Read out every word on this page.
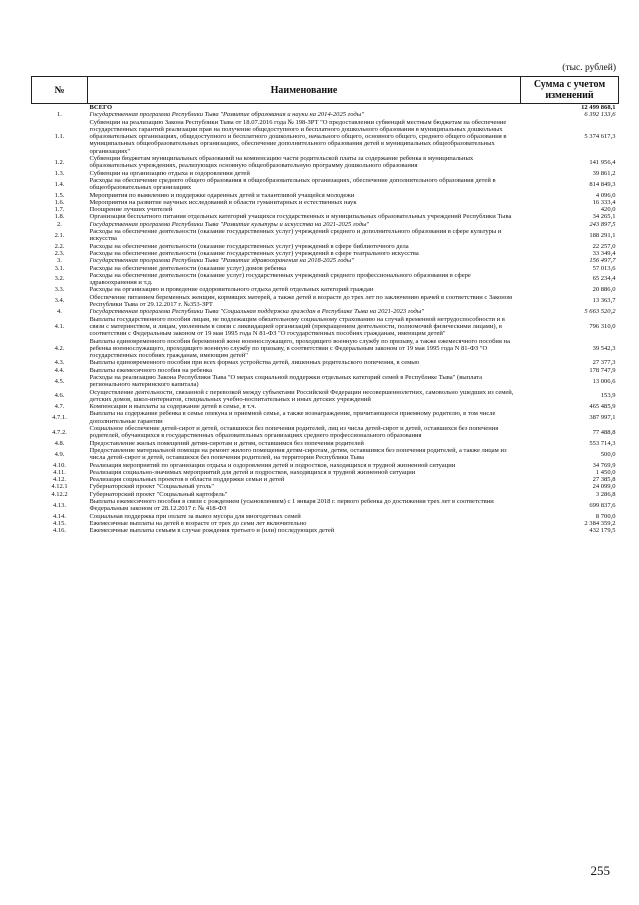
(тыс. рублей)
№	Наименование	Сумма с учетом изменений
	ВСЕГО	12 499 868,1
1.	Государственная программа Республики Тыва "Развитие образования и науки на 2014-2025 годы"	6 392 133,6
1.1.	Субвенции на реализацию Закона Республики Тыва от 18.07.2016 года № 198-ЗРТ "О предоставлении субвенций местным бюджетам на обеспечение государственных гарантий реализации прав на получение общедоступного и бесплатного дошкольного образования в муниципальных дошкольных образовательных организациях, общедоступного и бесплатного дошкольного, начального общего, основного общего, среднего общего образования в муниципальных общеобразовательных организациях, обеспечение дополнительного образования детей в муниципальных общеобразовательных организациях"	5 374 617,3
1.2.	Субвенции бюджетам муниципальных образований на компенсацию части родительской платы за содержание ребенка в муниципальных образовательных учреждениях, реализующих основную общеобразовательную программу дошкольного образования	141 956,4
1.3.	Субвенции на организацию отдыха и оздоровления детей	39 861,2
1.4.	Расходы на обеспечение среднего общего образования в общеобразовательных организациях, обеспечение дополнительного образования детей в общеобразовательных организациях	814 849,3
1.5.	Мероприятия по выявлению и поддержке одаренных детей и талантливой учащейся молодежи	4 096,0
1.6.	Мероприятия на развитие научных исследований в области гуманитарных и естественных наук	16 333,4
1.7.	Поощрение лучших учителей	420,0
1.8.	Организация бесплатного питания отдельных категорий учащихся государственных и муниципальных образовательных учреждений Республики Тыва	34 265,1
2.	Государственная программа Республики Тыва "Развитие культуры и искусства на 2021-2025 годы"	243 897,5
2.1.	Расходы на обеспечение деятельности (оказание государственных услуг) учреждений среднего и дополнительного образования в сфере культуры и искусства	188 291,1
2.2.	Расходы на обеспечение деятельности (оказание государственных услуг) учреждений в сфере библиотечного дела	22 257,0
2.3.	Расходы на обеспечение деятельности (оказание государственных услуг) учреждений в сфере театрального искусства	33 349,4
3.	Государственная программа Республики Тыва "Развитие здравоохранения на 2018-2025 годы"	156 497,7
3.1.	Расходы на обеспечение деятельности (оказание услуг) домов ребенка	57 013,6
3.2.	Расходы на обеспечение деятельности (оказание услуг) государственных учреждений среднего профессионального образования в сфере здравоохранения и т.д.	65 234,4
3.3.	Расходы на организацию и проведение оздоровительного отдыха детей отдельных категорий граждан	20 886,0
3.4.	Обеспечение питанием беременных женщин, кормящих матерей, а также детей в возрасте до трех лет по заключению врачей в соответствии с Законом Республики Тыва от 29.12.2017 г. №353-ЗРТ	13 363,7
4.	Государственная программа Республики Тыва "Социальная поддержка граждан в Республике Тыва на 2021-2023 годы"	5 663 520,2
4.1.	Выплаты государственного пособия лицам, не подлежащим обязательному социальному страхованию на случай временной нетрудоспособности и в связи с материнством, и лицам, уволенным в связи с ликвидацией организаций (прекращением деятельности, полномочий физическими лицами), в соответствии с Федеральным законом от 19 мая 1995 года N 81-ФЗ "О государственных пособиях гражданам, имеющим детей"	796 310,0
4.2.	Выплаты единовременного пособия беременной жене военнослужащего, проходящего военную службу по призыву, а также ежемесячного пособия на ребенка военнослужащего, проходящего военную службу по призыву, в соответствии с Федеральным законом от 19 мая 1995 года N 81-ФЗ "О государственных пособиях гражданам, имеющим детей"	39 542,3
4.3.	Выплаты единовременного пособия при всех формах устройства детей, лишенных родительского попечения, в семью	27 377,3
4.4.	Выплаты ежемесячного пособия на ребенка	178 747,9
4.5.	Расходы на реализацию Закона Республики Тыва "О мерах социальной поддержки отдельных категорий семей в Республике Тыва" (выплата регионального материнского капитала)	13 006,6
4.6.	Осуществление деятельности, связанной с перевозкой между субъектами Российской Федерации несовершеннолетних, самовольно ушедших из семей, детских домов, школ-интернатов, специальных учебно-воспитательных и иных детских учреждений	153,9
4.7.	Компенсации и выплаты за содержание детей в семье, в т.ч.	465 485,9
4.7.1.	Выплаты на содержание ребенка в семье опекуна и приемной семье, а также вознаграждение, причитающееся приемному родителю, в том числе дополнительные гарантии	387 997,1
4.7.2.	Социальное обеспечение детей-сирот и детей, оставшихся без попечения родителей, лиц из числа детей-сирот и детей, оставшихся без попечения родителей, обучающихся в государственных образовательных организациях среднего профессионального образования	77 488,8
4.8.	Предоставление жилых помещений детям-сиротам и детям, оставшимся без попечения родителей	553 714,3
4.9.	Предоставление материальной помощи на ремонт жилого помещения детям-сиротам, детям, оставшимся без попечения родителей, а также лицам из числа детей-сирот и детей, оставшихся без попечения родителей, на территории Республики Тыва	500,0
4.10.	Реализация мероприятий по организации отдыха и оздоровления детей и подростков, находящихся в трудной жизненной ситуации	34 769,9
4.11.	Реализация социально-значимых мероприятий для детей и подростков, находящихся в трудной жизненной ситуации	1 450,0
4.12.	Реализация социальных проектов в области поддержки семьи и детей	27 385,8
4.12.1	Губернаторский проект "Социальный уголь"	24 099,0
4.12.2	Губернаторский проект "Социальный картофель"	3 286,8
4.13.	Выплаты ежемесячного пособия в связи с рождением (усыновлением) с 1 января 2018 г. первого ребенка до достижения трех лет в соответствии Федеральным законом от 28.12.2017 г. № 418-ФЗ	699 837,6
4.14.	Социальная поддержка при оплате за вывоз мусора для многодетных семей	8 700,0
4.15.	Ежемесячные выплаты на детей в возрасте от трех до семи лет включительно	2 384 359,2
4.16.	Ежемесячные выплаты семьям в случае рождения третьего и (или) последующих детей	432 179,5
255
